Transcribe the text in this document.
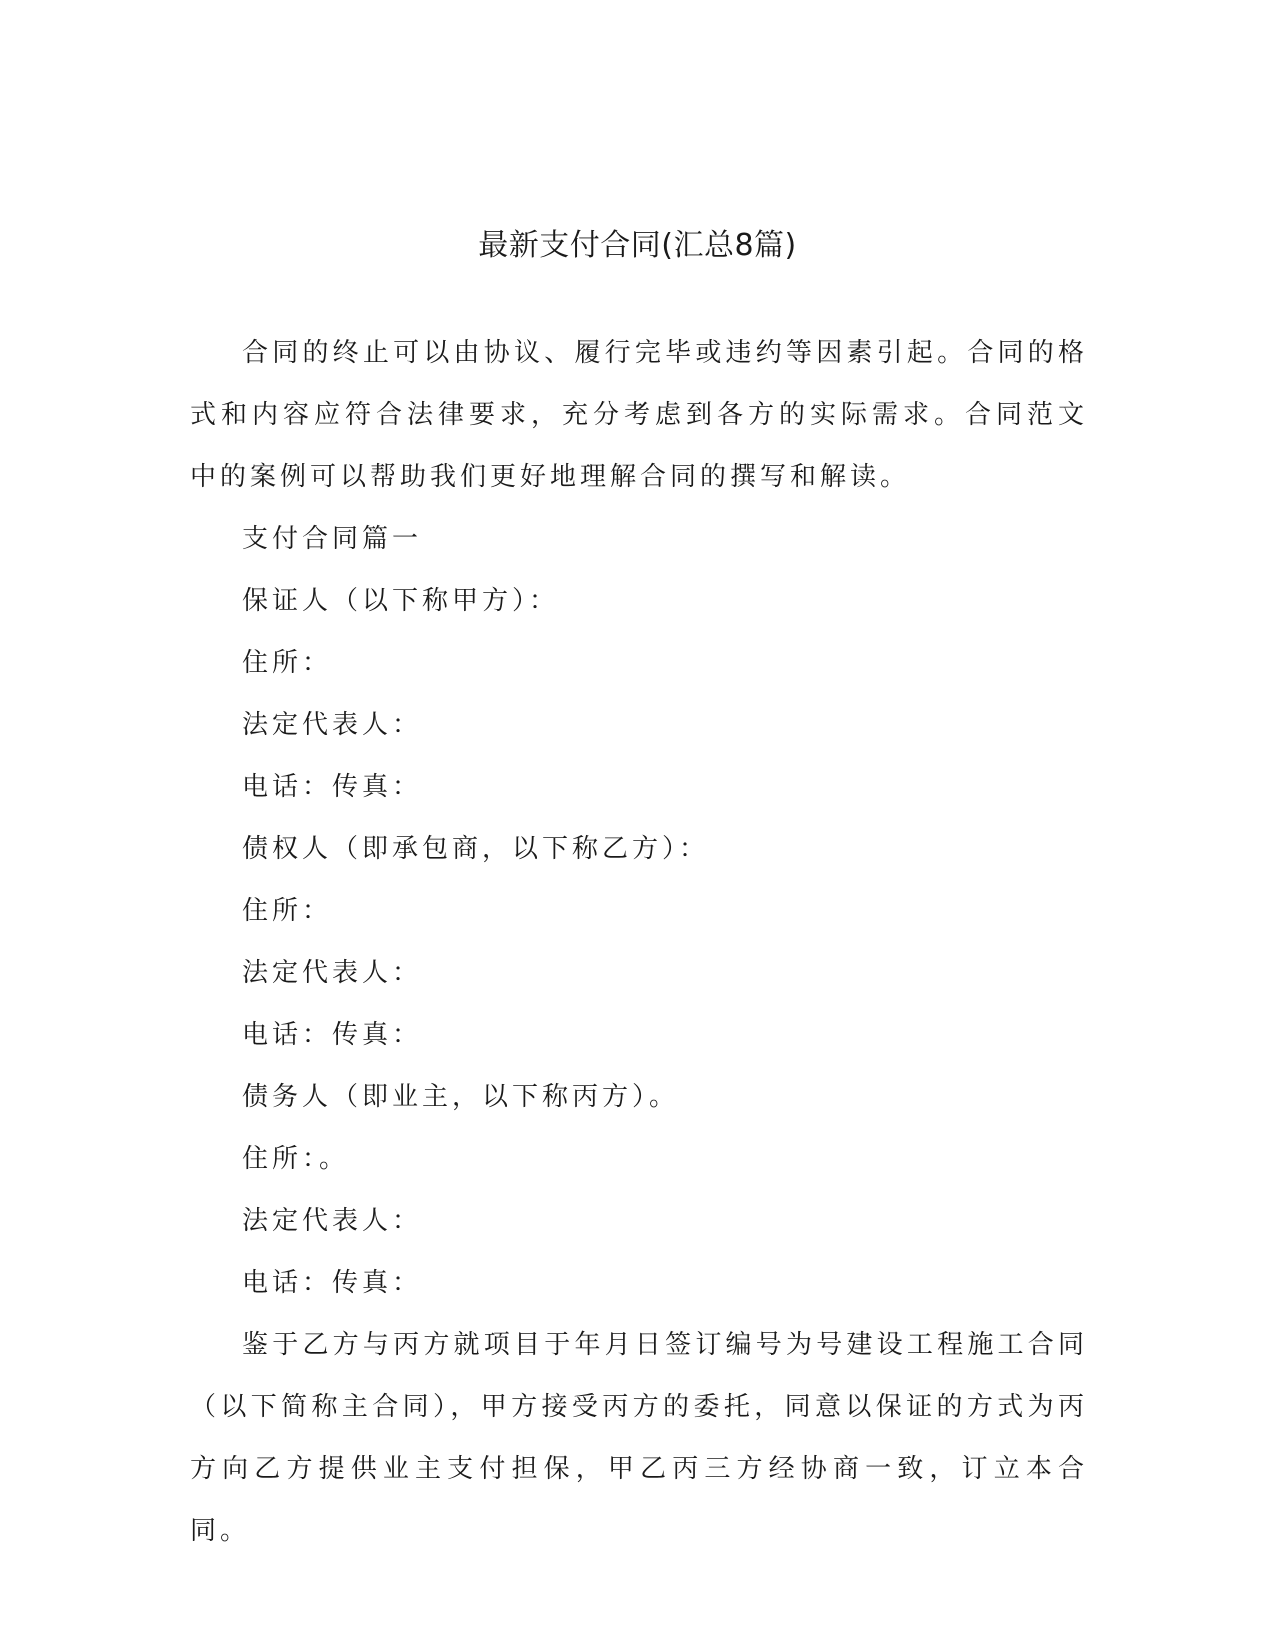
最新支付合同(汇总8篇)

合同的终止可以由协议、履行完毕或违约等因素引起。合同的格式和内容应符合法律要求，充分考虑到各方的实际需求。合同范文中的案例可以帮助我们更好地理解合同的撰写和解读。

支付合同篇一

保证人（以下称甲方）：

住所：

法定代表人：

电话：传真：

债权人（即承包商，以下称乙方）：

住所：

法定代表人：

电话：传真：

债务人（即业主，以下称丙方）。

住所：。

法定代表人：

电话：传真：

鉴于乙方与丙方就项目于年月日签订编号为号建设工程施工合同（以下简称主合同），甲方接受丙方的委托，同意以保证的方式为丙方向乙方提供业主支付担保，甲乙丙三方经协商一致，订立本合同。
